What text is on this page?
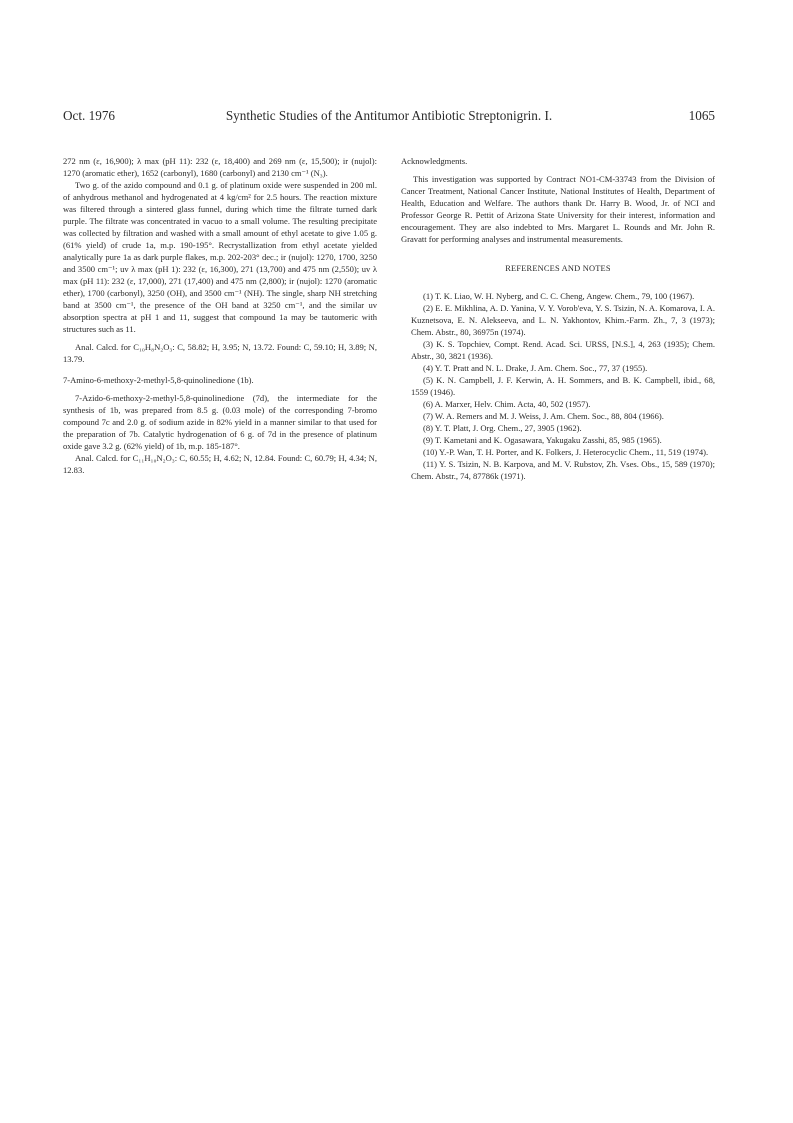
Oct. 1976	Synthetic Studies of the Antitumor Antibiotic Streptonigrin. I.	1065

272 nm (ε, 16,900); λ max (pH 11): 232 (ε, 18,400) and 269 nm (ε, 15,500); ir (nujol): 1270 (aromatic ether), 1652 (carbonyl), 1680 (carbonyl) and 2130 cm⁻¹ (N₃).

Two g. of the azido compound and 0.1 g. of platinum oxide were suspended in 200 ml. of anhydrous methanol and hydrogenated at 4 kg/cm² for 2.5 hours. The reaction mixture was filtered through a sintered glass funnel, during which time the filtrate turned dark purple. The filtrate was concentrated in vacuo to a small volume. The resulting precipitate was collected by filtration and washed with a small amount of ethyl acetate to give 1.05 g. (61% yield) of crude 1a, m.p. 190-195°. Recrystallization from ethyl acetate yielded analytically pure 1a as dark purple flakes, m.p. 202-203° dec.; ir (nujol): 1270, 1700, 3250 and 3500 cm⁻¹; uv λ max (pH 1): 232 (ε, 16,300), 271 (13,700) and 475 nm (2,550); uv λ max (pH 11): 232 (ε, 17,000), 271 (17,400) and 475 nm (2,800); ir (nujol): 1270 (aromatic ether), 1700 (carbonyl), 3250 (OH), and 3500 cm⁻¹ (NH). The single, sharp NH stretching band at 3500 cm⁻¹, the presence of the OH band at 3250 cm⁻¹, and the similar uv absorption spectra at pH 1 and 11, suggest that compound 1a may be tautomeric with structures such as 11.

Anal. Calcd. for C₁₀H₈N₂O₃: C, 58.82; H, 3.95; N, 13.72. Found: C, 59.10; H, 3.89; N, 13.79.

7-Amino-6-methoxy-2-methyl-5,8-quinolinedione (1b).

7-Azido-6-methoxy-2-methyl-5,8-quinolinedione (7d), the intermediate for the synthesis of 1b, was prepared from 8.5 g. (0.03 mole) of the corresponding 7-bromo compound 7c and 2.0 g. of sodium azide in 82% yield in a manner similar to that used for the preparation of 7b. Catalytic hydrogenation of 6 g. of 7d in the presence of platinum oxide gave 3.2 g. (62% yield) of 1b, m.p. 185-187°.

Anal. Calcd. for C₁₁H₁₀N₂O₃: C, 60.55; H, 4.62; N, 12.84. Found: C, 60.79; H, 4.34; N, 12.83.

Acknowledgments.

This investigation was supported by Contract NO1-CM-33743 from the Division of Cancer Treatment, National Cancer Institute, National Institutes of Health, Department of Health, Education and Welfare. The authors thank Dr. Harry B. Wood, Jr. of NCI and Professor George R. Pettit of Arizona State University for their interest, information and encouragement. They are also indebted to Mrs. Margaret L. Rounds and Mr. John R. Gravatt for performing analyses and instrumental measurements.

REFERENCES AND NOTES

(1) T. K. Liao, W. H. Nyberg, and C. C. Cheng, Angew. Chem., 79, 100 (1967).

(2) E. E. Mikhlina, A. D. Yanina, V. Y. Vorob'eva, Y. S. Tsizin, N. A. Komarova, I. A. Kuznetsova, E. N. Alekseeva, and L. N. Yakhontov, Khim.-Farm. Zh., 7, 3 (1973); Chem. Abstr., 80, 36975n (1974).

(3) K. S. Topchiev, Compt. Rend. Acad. Sci. URSS, [N.S.], 4, 263 (1935); Chem. Abstr., 30, 3821 (1936).

(4) Y. T. Pratt and N. L. Drake, J. Am. Chem. Soc., 77, 37 (1955).

(5) K. N. Campbell, J. F. Kerwin, A. H. Sommers, and B. K. Campbell, ibid., 68, 1559 (1946).

(6) A. Marxer, Helv. Chim. Acta, 40, 502 (1957).

(7) W. A. Remers and M. J. Weiss, J. Am. Chem. Soc., 88, 804 (1966).

(8) Y. T. Platt, J. Org. Chem., 27, 3905 (1962).

(9) T. Kametani and K. Ogasawara, Yakugaku Zasshi, 85, 985 (1965).

(10) Y.-P. Wan, T. H. Porter, and K. Folkers, J. Heterocyclic Chem., 11, 519 (1974).

(11) Y. S. Tsizin, N. B. Karpova, and M. V. Rubstov, Zh. Vses. Obs., 15, 589 (1970); Chem. Abstr., 74, 87786k (1971).
